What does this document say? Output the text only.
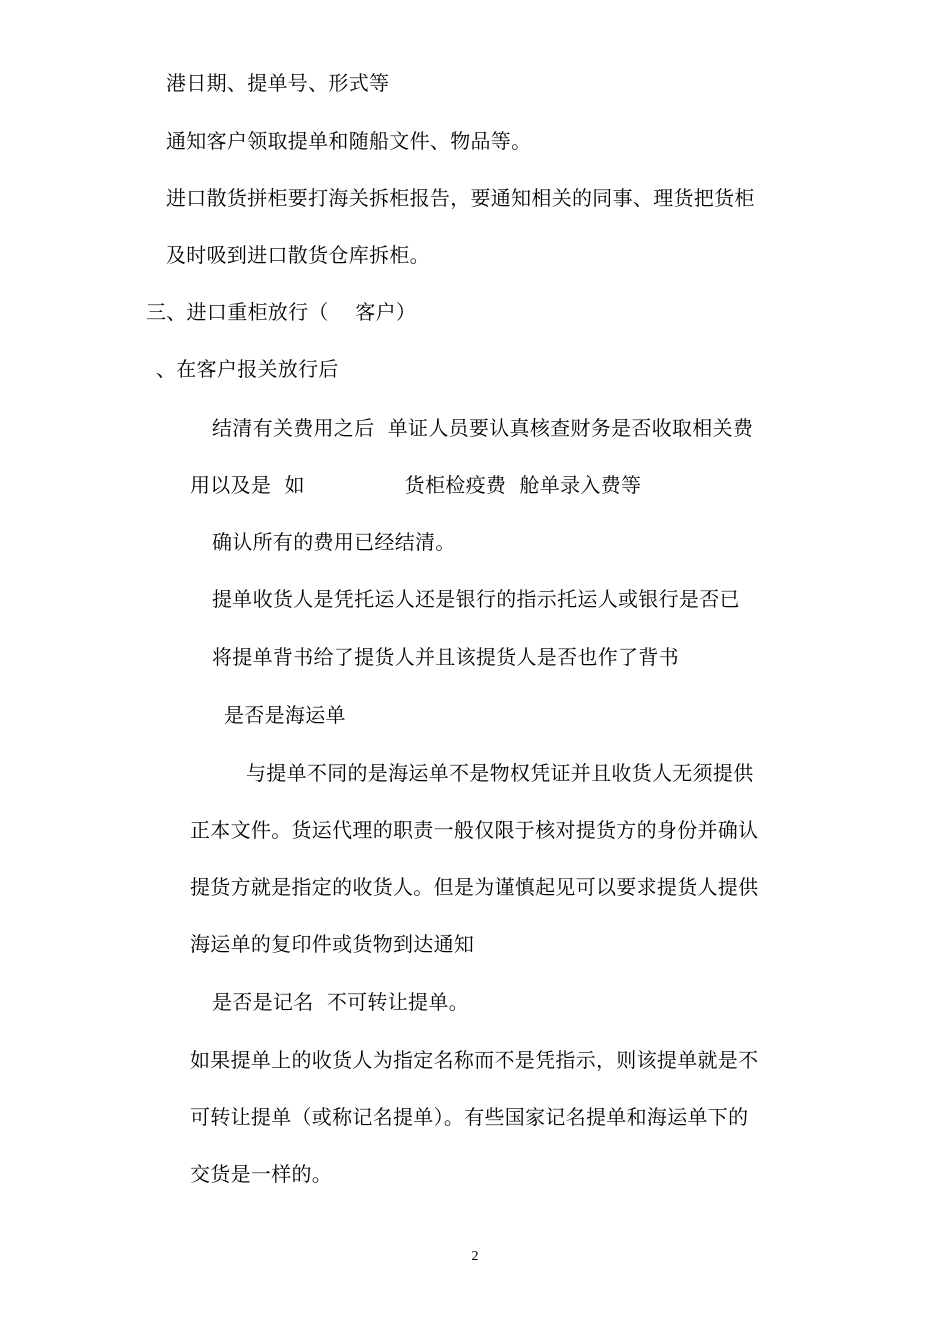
港日期、提单号、形式等
通知客户领取提单和随船文件、物品等。
进口散货拼柜要打海关拆柜报告，要通知相关的同事、理货把货柜
及时吸到进口散货仓库拆柜。
三、进口重柜放行（    客户）
、在客户报关放行后
结清有关费用之后  单证人员要认真核查财务是否收取相关费
用以及是  如               货柜检疫费  舱单录入费等
确认所有的费用已经结清。
提单收货人是凭托运人还是银行的指示托运人或银行是否已
将提单背书给了提货人并且该提货人是否也作了背书
是否是海运单
与提单不同的是海运单不是物权凭证并且收货人无须提供
正本文件。货运代理的职责一般仅限于核对提货方的身份并确认
提货方就是指定的收货人。但是为谨慎起见可以要求提货人提供
海运单的复印件或货物到达通知
是否是记名  不可转让提单。
如果提单上的收货人为指定名称而不是凭指示，则该提单就是不
可转让提单（或称记名提单）。有些国家记名提单和海运单下的
交货是一样的。
2
